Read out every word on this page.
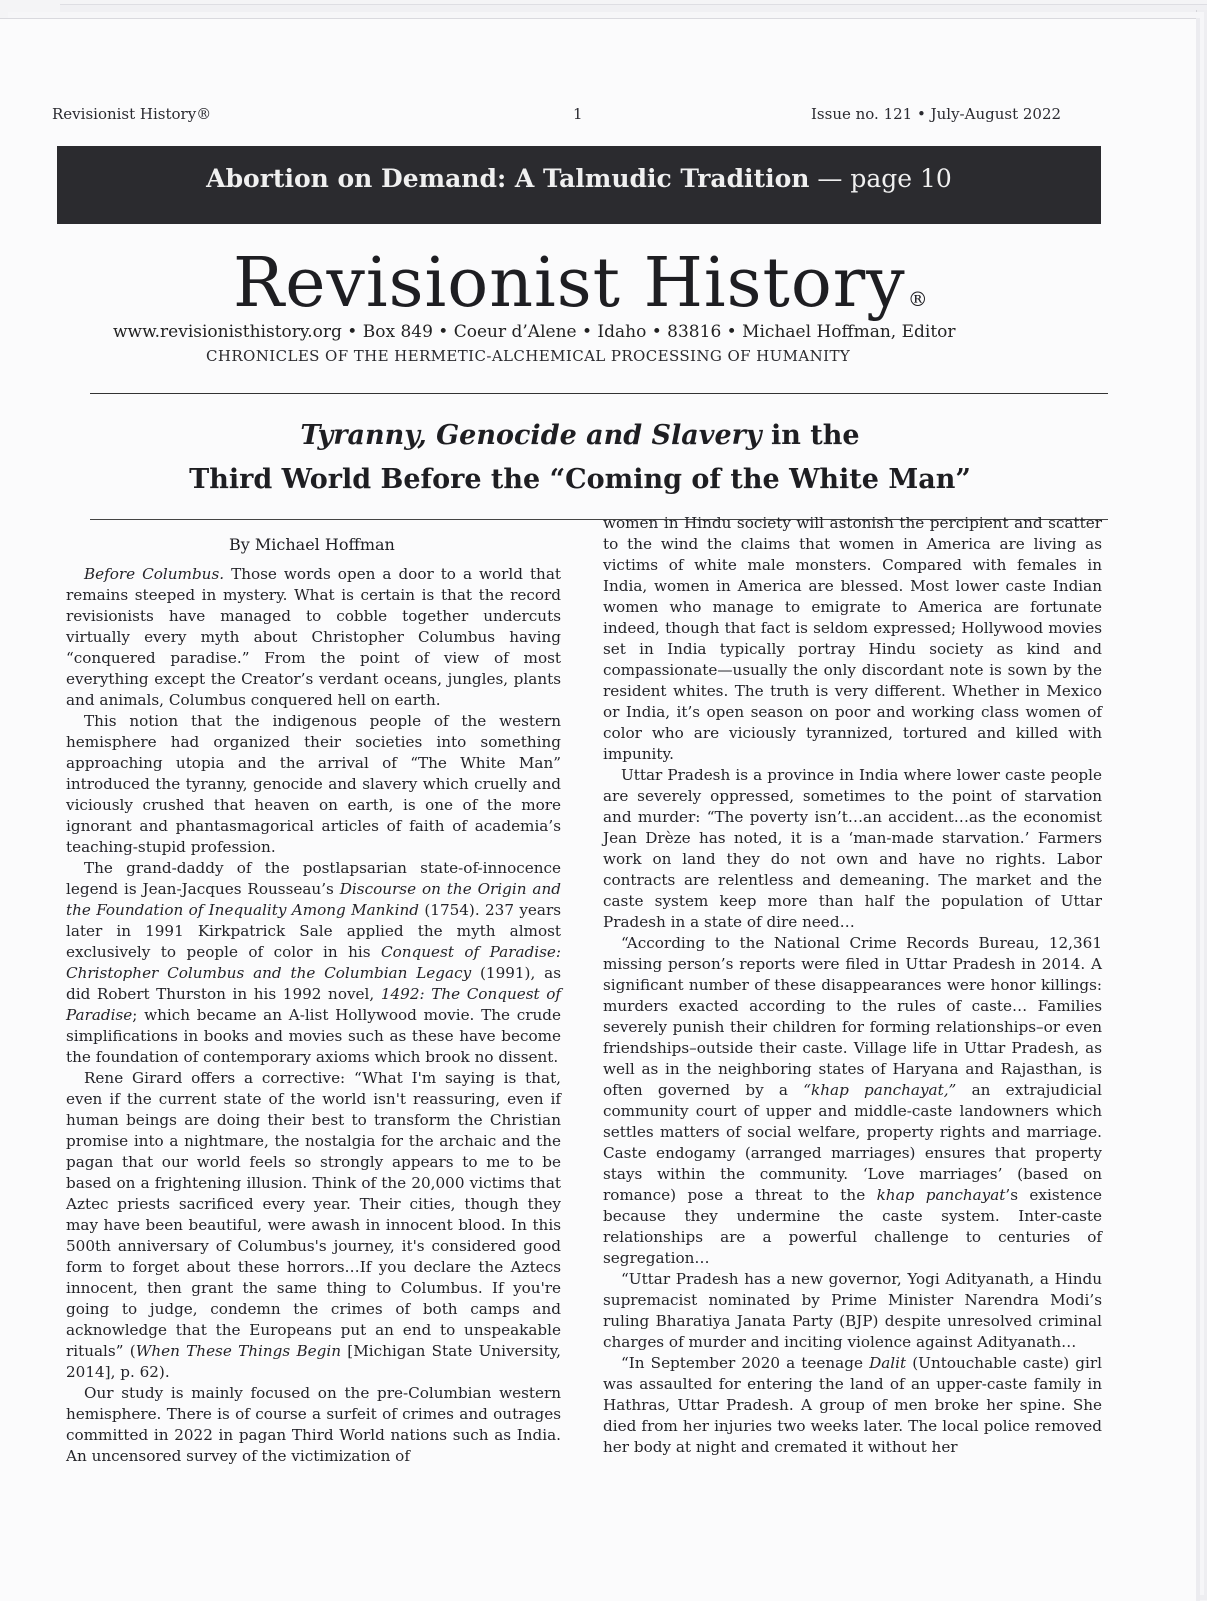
Revisionist History®	1	Issue no. 121 • July-August 2022
Abortion on Demand: A Talmudic Tradition — page 10
Revisionist History ®
www.revisionisthistory.org • Box 849 • Coeur d’Alene • Idaho • 83816 • Michael Hoffman, Editor
CHRONICLES OF THE HERMETIC-ALCHEMICAL PROCESSING OF HUMANITY
Tyranny, Genocide and Slavery in the
Third World Before the “Coming of the White Man”
By Michael Hoffman

Before Columbus. Those words open a door to a world that remains steeped in mystery. What is certain is that the record revisionists have managed to cobble together undercuts virtually every myth about Christopher Columbus having “conquered paradise.” From the point of view of most everything except the Creator’s verdant oceans, jungles, plants and animals, Columbus conquered hell on earth.

This notion that the indigenous people of the western hemisphere had organized their societies into something approaching utopia and the arrival of “The White Man” introduced the tyranny, genocide and slavery which cruelly and viciously crushed that heaven on earth, is one of the more ignorant and phantasmagorical articles of faith of academia’s teaching-stupid profession.

The grand-daddy of the postlapsarian state-of-innocence legend is Jean-Jacques Rousseau’s Discourse on the Origin and the Foundation of Inequality Among Mankind (1754). 237 years later in 1991 Kirkpatrick Sale applied the myth almost exclusively to people of color in his Conquest of Paradise: Christopher Columbus and the Columbian Legacy (1991), as did Robert Thurston in his 1992 novel, 1492: The Conquest of Paradise; which became an A-list Hollywood movie. The crude simplifications in books and movies such as these have become the foundation of contemporary axioms which brook no dissent.

Rene Girard offers a corrective: “What I'm saying is that, even if the current state of the world isn't reassuring, even if human beings are doing their best to transform the Christian promise into a nightmare, the nostalgia for the archaic and the pagan that our world feels so strongly appears to me to be based on a frightening illusion. Think of the 20,000 victims that Aztec priests sacrificed every year. Their cities, though they may have been beautiful, were awash in innocent blood. In this 500th anniversary of Columbus's journey, it's considered good form to forget about these horrors…If you declare the Aztecs innocent, then grant the same thing to Columbus. If you're going to judge, condemn the crimes of both camps and acknowledge that the Europeans put an end to unspeakable rituals” (When These Things Begin [Michigan State University, 2014], p. 62).

Our study is mainly focused on the pre-Columbian western hemisphere. There is of course a surfeit of crimes and outrages committed in 2022 in pagan Third World nations such as India. An uncensored survey of the victimization of

women in Hindu society will astonish the percipient and scatter to the wind the claims that women in America are living as victims of white male monsters. Compared with females in India, women in America are blessed. Most lower caste Indian women who manage to emigrate to America are fortunate indeed, though that fact is seldom expressed; Hollywood movies set in India typically portray Hindu society as kind and compassionate—usually the only discordant note is sown by the resident whites. The truth is very different. Whether in Mexico or India, it’s open season on poor and working class women of color who are viciously tyrannized, tortured and killed with impunity.

Uttar Pradesh is a province in India where lower caste people are severely oppressed, sometimes to the point of starvation and murder: “The poverty isn’t…an accident…as the economist Jean Drèze has noted, it is a ‘man-made starvation.’ Farmers work on land they do not own and have no rights. Labor contracts are relentless and demeaning. The market and the caste system keep more than half the population of Uttar Pradesh in a state of dire need…

“According to the National Crime Records Bureau, 12,361 missing person’s reports were filed in Uttar Pradesh in 2014. A significant number of these disappearances were honor killings: murders exacted according to the rules of caste… Families severely punish their children for forming relationships–or even friendships–outside their caste. Village life in Uttar Pradesh, as well as in the neighboring states of Haryana and Rajasthan, is often governed by a “khap panchayat,” an extrajudicial community court of upper and middle-caste landowners which settles matters of social welfare, property rights and marriage. Caste endogamy (arranged marriages) ensures that property stays within the community. ‘Love marriages’ (based on romance) pose a threat to the khap panchayat’s existence because they undermine the caste system. Inter-caste relationships are a powerful challenge to centuries of segregation…

“Uttar Pradesh has a new governor, Yogi Adityanath, a Hindu supremacist nominated by Prime Minister Narendra Modi’s ruling Bharatiya Janata Party (BJP) despite unresolved criminal charges of murder and inciting violence against Adityanath…

“In September 2020 a teenage Dalit (Untouchable caste) girl was assaulted for entering the land of an upper-caste family in Hathras, Uttar Pradesh. A group of men broke her spine. She died from her injuries two weeks later. The local police removed her body at night and cremated it without her
